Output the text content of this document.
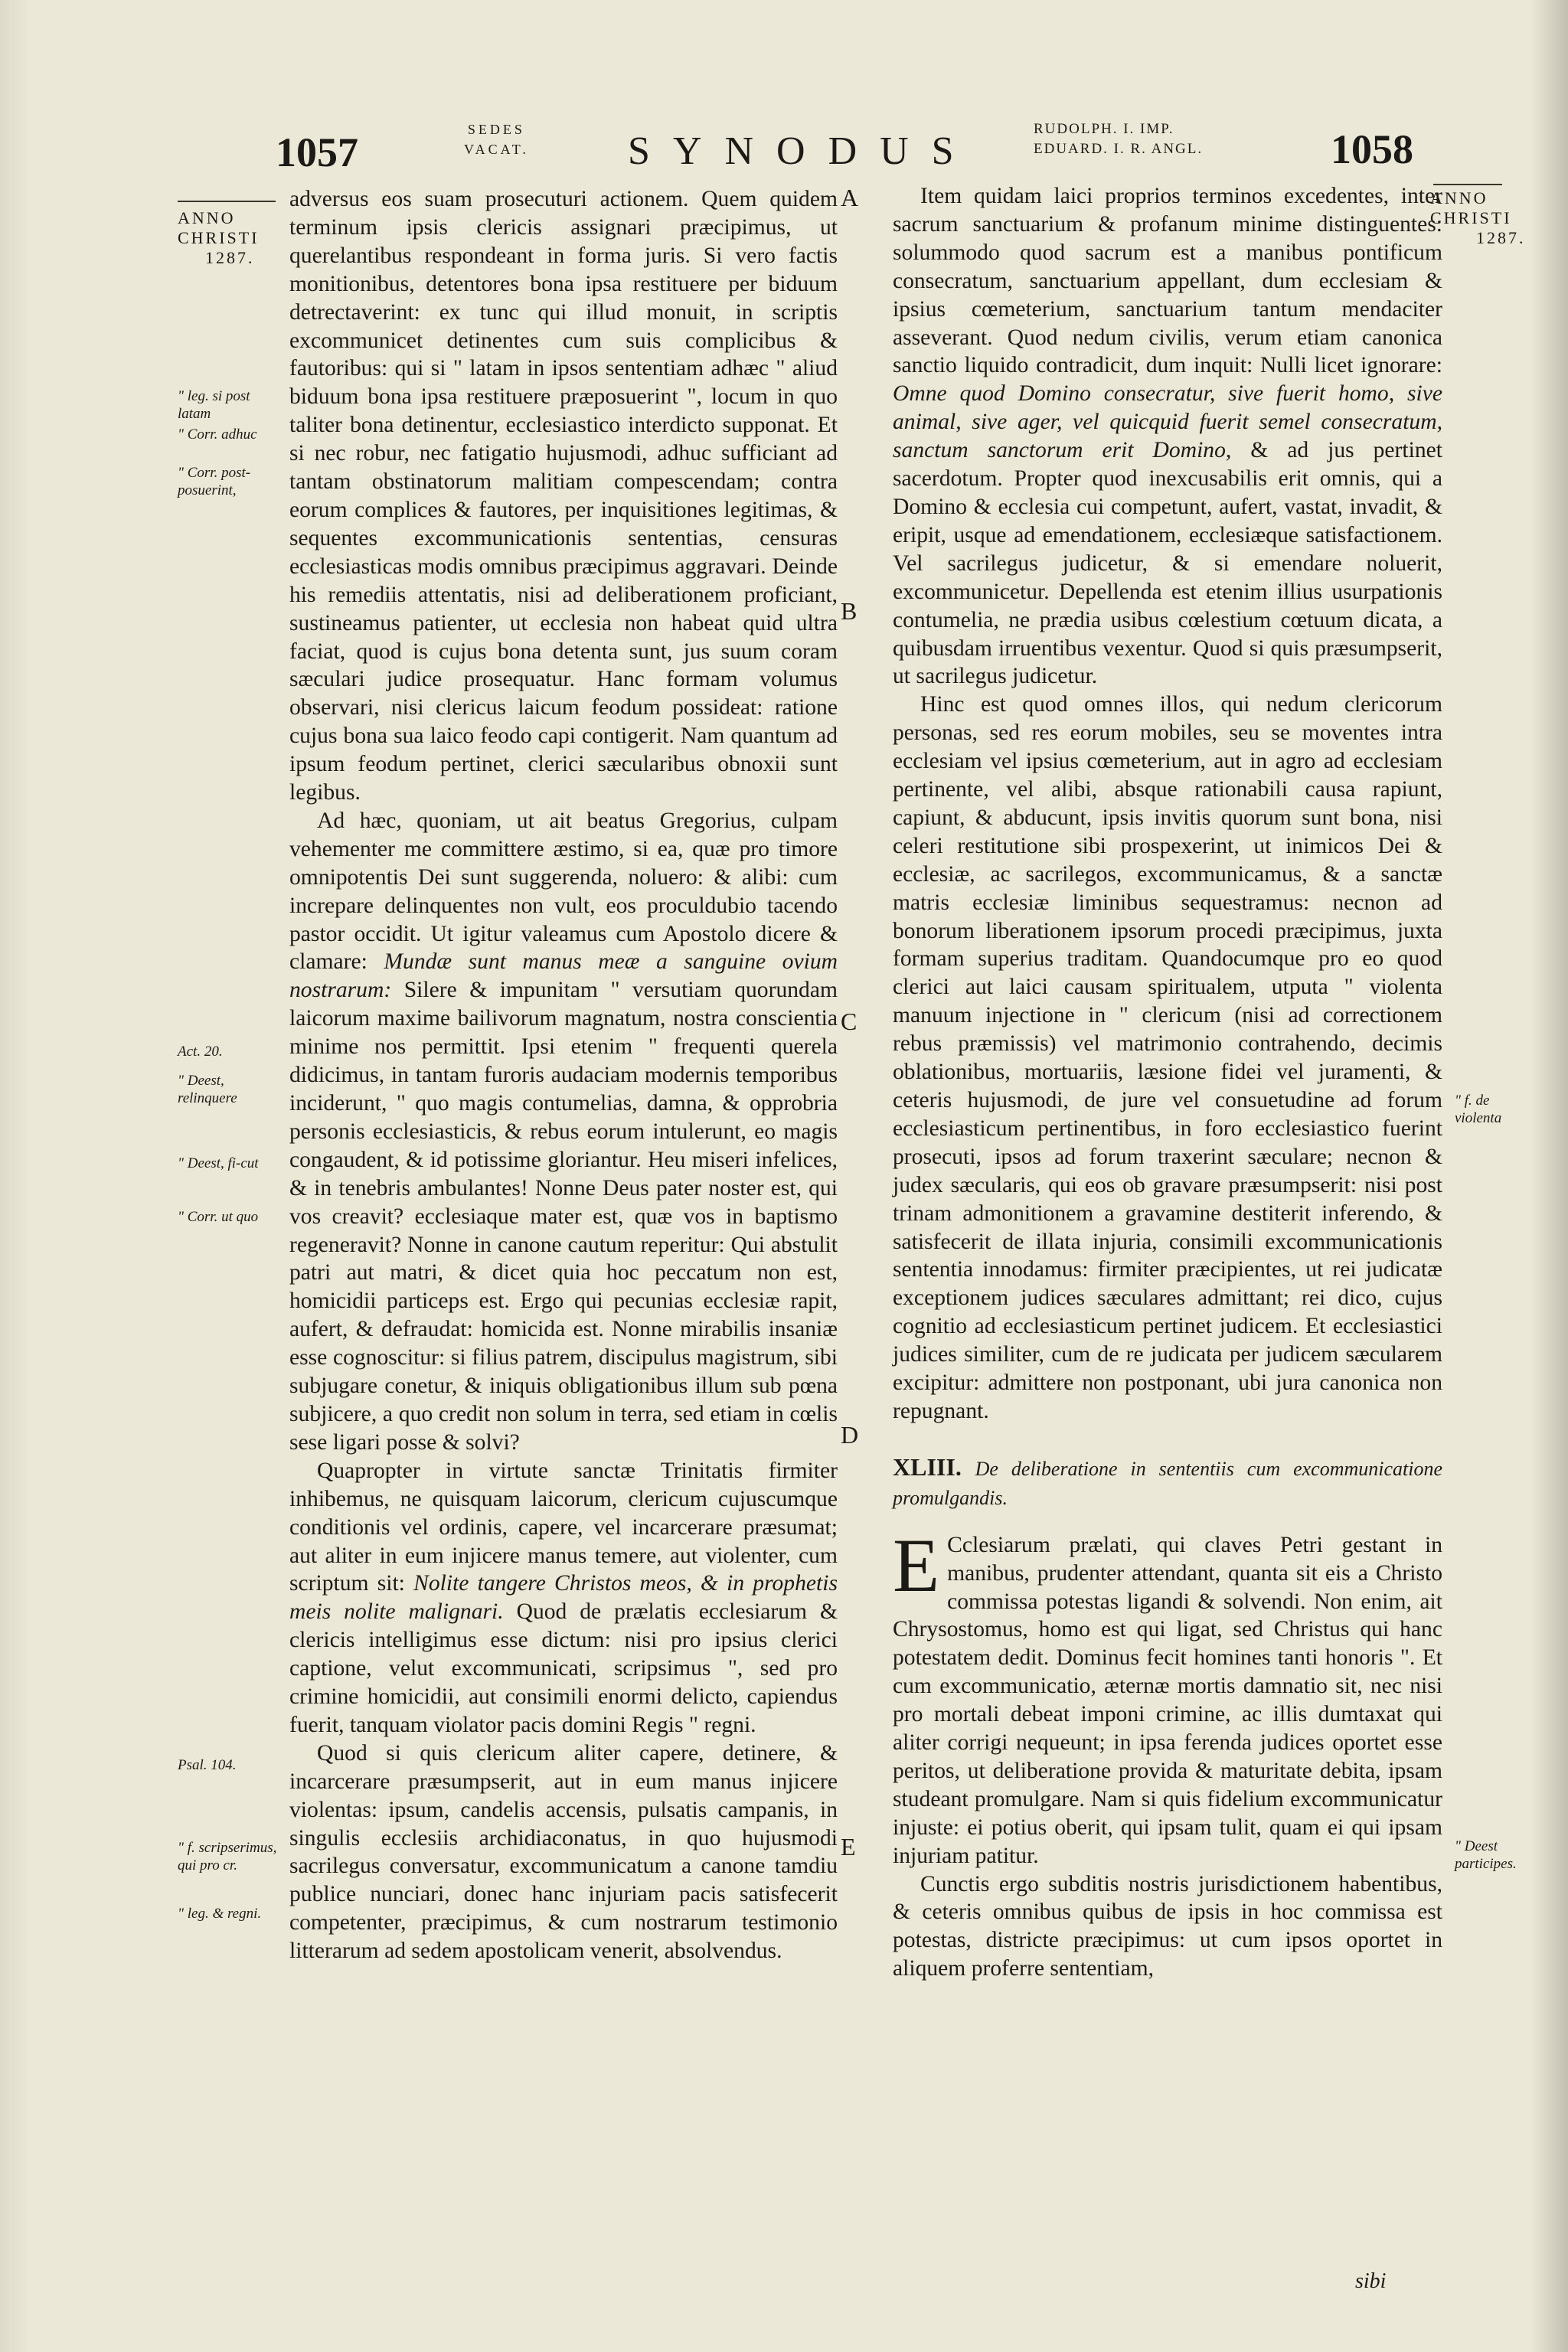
1057	SEDES
VACAT. SYNODUS
RUDOLPH. I. IMP.
EDUARD. I. R. ANGL.	1058
ANNO
CHRISTI
1287.
ANNO
CHRISTI
1287.
" leg. si post latam
" Corr. adhuc
" Corr. post-posuerint,
Act. 20.
" Deest, relinquere
" Deest, fi-cut
" Corr. ut quo
Psal. 104.
" f. scripserimus, qui pro cr.
" leg. & regni.
" f. de violenta
" Deest participes.
A
B
C
D
E

adversus eos suam prosecuturi actionem. Quem quidem terminum ipsis clericis assignari præcipimus, ut querelantibus respondeant in forma juris. Si vero factis monitionibus, detentores bona ipsa restituere per biduum detrectaverint: ex tunc qui illud monuit, in scriptis excommunicet detinentes cum suis complicibus & fautoribus: qui si " latam in ipsos sententiam adhæc " aliud biduum bona ipsa restituere præposuerint ", locum in quo taliter bona detinentur, ecclesiastico interdicto supponat. Et si nec robur, nec fatigatio hujusmodi, adhuc sufficiant ad tantam obstinatorum malitiam compescendam; contra eorum complices & fautores, per inquisitiones legitimas, & sequentes excommunicationis sententias, censuras ecclesiasticas modis omnibus præcipimus aggravari. Deinde his remediis attentatis, nisi ad deliberationem proficiant, sustineamus patienter, ut ecclesia non habeat quid ultra faciat, quod is cujus bona detenta sunt, jus suum coram sæculari judice prosequatur. Hanc formam volumus observari, nisi clericus laicum feodum possideat: ratione cujus bona sua laico feodo capi contigerit. Nam quantum ad ipsum feodum pertinet, clerici sæcularibus obnoxii sunt legibus.

Ad hæc, quoniam, ut ait beatus Gregorius, culpam vehementer me committere æstimo, si ea, quæ pro timore omnipotentis Dei sunt suggerenda, noluero: & alibi: cum increpare delinquentes non vult, eos proculdubio tacendo pastor occidit. Ut igitur valeamus cum Apostolo dicere & clamare: Mundæ sunt manus meæ a sanguine ovium nostrarum: Silere & impunitam " versutiam quorundam laicorum maxime bailivorum magnatum, nostra conscientia minime nos permittit. Ipsi etenim " frequenti querela didicimus, in tantam furoris audaciam modernis temporibus inciderunt, " quo magis contumelias, damna, & opprobria personis ecclesiasticis, & rebus eorum intulerunt, eo magis congaudent, & id potissime gloriantur. Heu miseri infelices, & in tenebris ambulantes! Nonne Deus pater noster est, qui vos creavit? ecclesiaque mater est, quæ vos in baptismo regeneravit? Nonne in canone cautum reperitur: Qui abstulit patri aut matri, & dicet quia hoc peccatum non est, homicidii particeps est. Ergo qui pecunias ecclesiæ rapit, aufert, & defraudat: homicida est. Nonne mirabilis insaniæ esse cognoscitur: si filius patrem, discipulus magistrum, sibi subjugare conetur, & iniquis obligationibus illum sub pœna subjicere, a quo credit non solum in terra, sed etiam in cœlis sese ligari posse & solvi?

Quapropter in virtute sanctæ Trinitatis firmiter inhibemus, ne quisquam laicorum, clericum cujuscumque conditionis vel ordinis, capere, vel incarcerare præsumat; aut aliter in eum injicere manus temere, aut violenter, cum scriptum sit: Nolite tangere Christos meos, & in prophetis meis nolite malignari. Quod de prælatis ecclesiarum & clericis intelligimus esse dictum: nisi pro ipsius clerici captione, velut excommunicati, scripsimus ", sed pro crimine homicidii, aut consimili enormi delicto, capiendus fuerit, tanquam violator pacis domini Regis " regni.

Quod si quis clericum aliter capere, detinere, & incarcerare præsumpserit, aut in eum manus injicere violentas: ipsum, candelis accensis, pulsatis campanis, in singulis ecclesiis archidiaconatus, in quo hujusmodi sacrilegus conversatur, excommunicatum a canone tamdiu publice nunciari, donec hanc injuriam pacis satisfecerit competenter, præcipimus, & cum nostrarum testimonio litterarum ad sedem apostolicam venerit, absolvendus.

Item quidam laici proprios terminos excedentes, inter sacrum sanctuarium & profanum minime distinguentes: solummodo quod sacrum est a manibus pontificum consecratum, sanctuarium appellant, dum ecclesiam & ipsius cœmeterium, sanctuarium tantum mendaciter asseverant. Quod nedum civilis, verum etiam canonica sanctio liquido contradicit, dum inquit: Nulli licet ignorare: Omne quod Domino consecratur, sive fuerit homo, sive animal, sive ager, vel quicquid fuerit semel consecratum, sanctum sanctorum erit Domino, & ad jus pertinet sacerdotum. Propter quod inexcusabilis erit omnis, qui a Domino & ecclesia cui competunt, aufert, vastat, invadit, & eripit, usque ad emendationem, ecclesiæque satisfactionem. Vel sacrilegus judicetur, & si emendare noluerit, excommunicetur. Depellenda est etenim illius usurpationis contumelia, ne prædia usibus cœlestium cœtuum dicata, a quibusdam irruentibus vexentur. Quod si quis præsumpserit, ut sacrilegus judicetur.

Hinc est quod omnes illos, qui nedum clericorum personas, sed res eorum mobiles, seu se moventes intra ecclesiam vel ipsius cœmeterium, aut in agro ad ecclesiam pertinente, vel alibi, absque rationabili causa rapiunt, capiunt, & abducunt, ipsis invitis quorum sunt bona, nisi celeri restitutione sibi prospexerint, ut inimicos Dei & ecclesiæ, ac sacrilegos, excommunicamus, & a sanctæ matris ecclesiæ liminibus sequestramus: necnon ad bonorum liberationem ipsorum procedi præcipimus, juxta formam superius traditam. Quandocumque pro eo quod clerici aut laici causam spiritualem, utputa " violenta manuum injectione in " clericum (nisi ad correctionem rebus præmissis) vel matrimonio contrahendo, decimis oblationibus, mortuariis, læsione fidei vel juramenti, & ceteris hujusmodi, de jure vel consuetudine ad forum ecclesiasticum pertinentibus, in foro ecclesiastico fuerint prosecuti, ipsos ad forum traxerint sæculare; necnon & judex sæcularis, qui eos ob gravare præsumpserit: nisi post trinam admonitionem a gravamine destiterit inferendo, & satisfecerit de illata injuria, consimili excommunicationis sententia innodamus: firmiter præcipientes, ut rei judicatæ exceptionem judices sæculares admittant; rei dico, cujus cognitio ad ecclesiasticum pertinet judicem. Et ecclesiastici judices similiter, cum de re judicata per judicem sæcularem excipitur: admittere non postponant, ubi jura canonica non repugnant.

XLIII. De deliberatione in sententiis cum excommunicatione promulgandis.

E Cclesiarum prælati, qui claves Petri gestant in manibus, prudenter attendant, quanta sit eis a Christo commissa potestas ligandi & solvendi. Non enim, ait Chrysostomus, homo est qui ligat, sed Christus qui hanc potestatem dedit. Dominus fecit homines tanti honoris ". Et cum excommunicatio, æternæ mortis damnatio sit, nec nisi pro mortali debeat imponi crimine, ac illis dumtaxat qui aliter corrigi nequeunt; in ipsa ferenda judices oportet esse peritos, ut deliberatione provida & maturitate debita, ipsam studeant promulgare. Nam si quis fidelium excommunicatur injuste: ei potius oberit, qui ipsam tulit, quam ei qui ipsam injuriam patitur.

Cunctis ergo subditis nostris jurisdictionem habentibus, & ceteris omnibus quibus de ipsis in hoc commissa est potestas, districte præcipimus: ut cum ipsos oportet in aliquem proferre sententiam,

sibi
